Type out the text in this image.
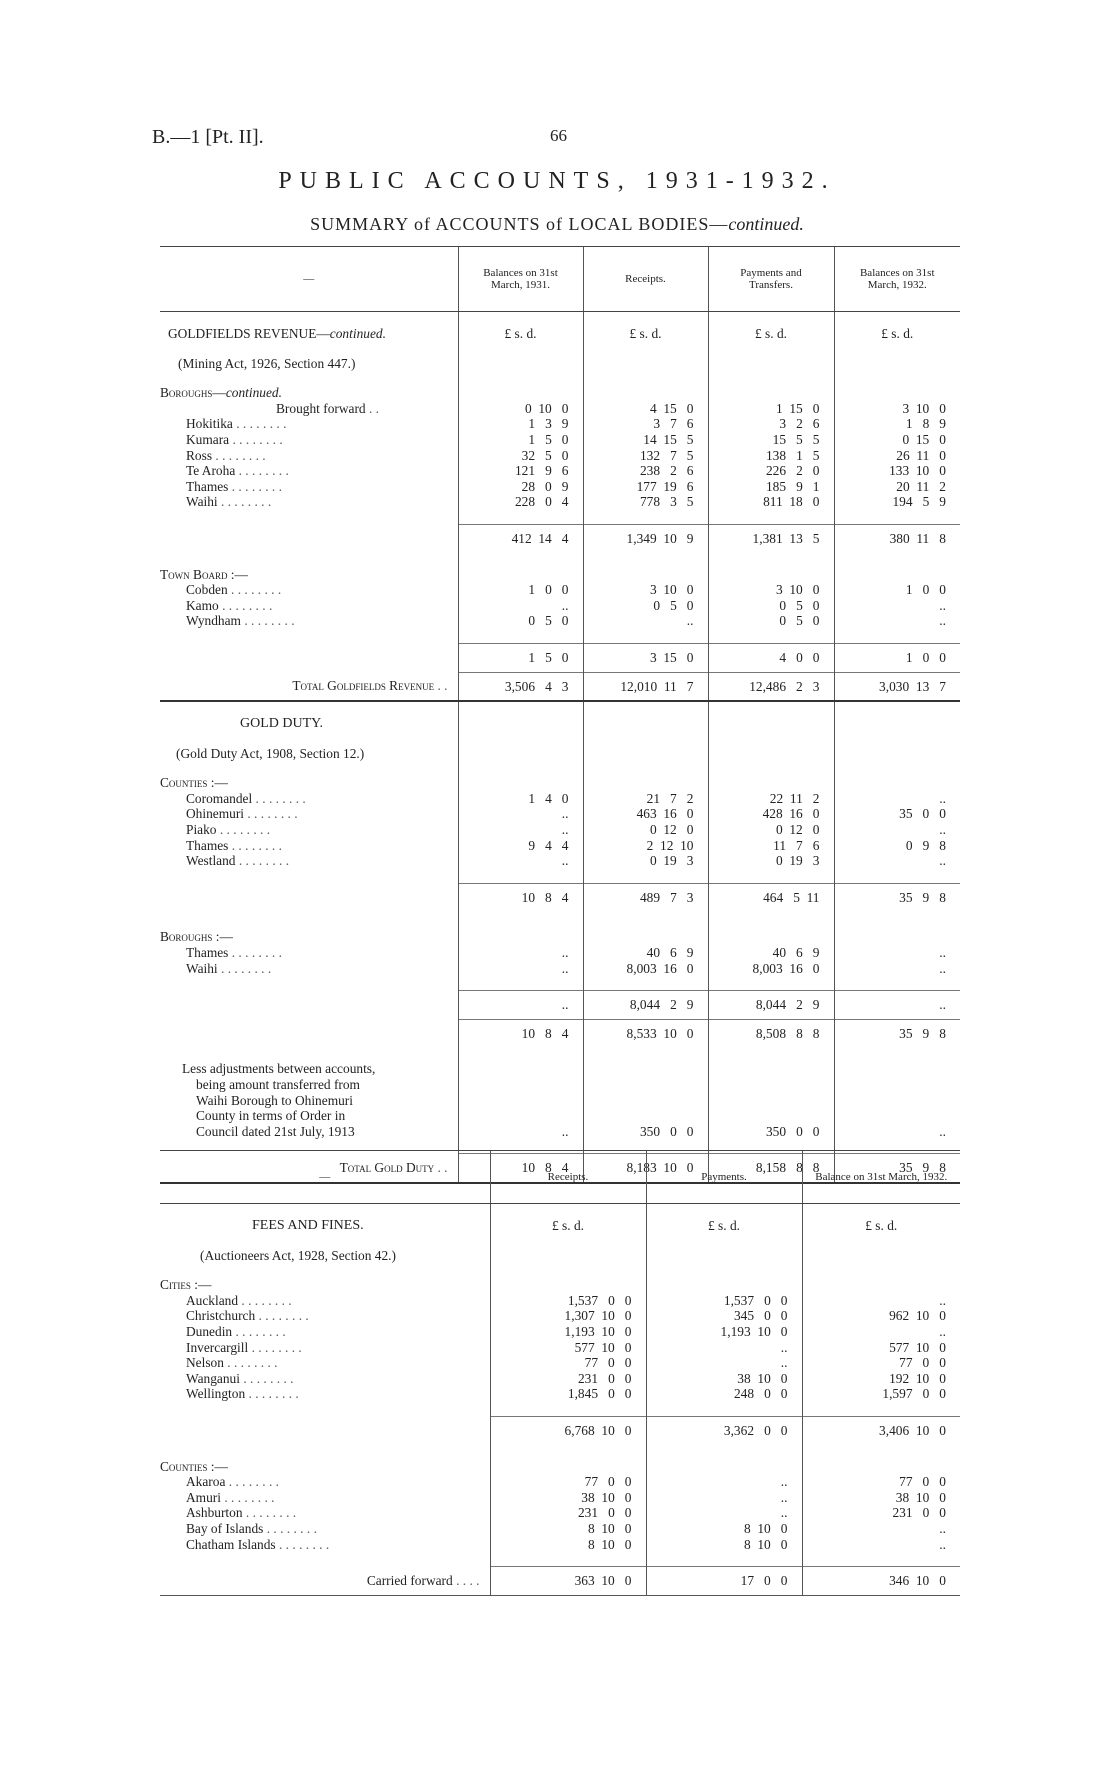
B.—1 [Pt. II].	66
PUBLIC ACCOUNTS, 1931-1932.
SUMMARY of ACCOUNTS of LOCAL BODIES—continued.
—	Balances on 31st March, 1931.	Receipts.	Payments and Transfers.	Balances on 31st March, 1932.

GOLDFIELDS REVENUE—continued.	£ s. d.	£ s. d.	£ s. d.	£ s. d.

(Mining Act, 1926, Section 447.)				

Boroughs—continued.				
Brought forward . .	0  10   0	4  15   0	1  15   0	3  10   0
Hokitika . . . . . . . .	1   3   9	3   7   6	3   2   6	1   8   9
Kumara . . . . . . . .	1   5   0	14  15   5	15   5   5	0  15   0
Ross . . . . . . . .	32   5   0	132   7   5	138   1   5	26  11   0
Te Aroha . . . . . . . .	121   9   6	238   2   6	226   2   0	133  10   0
Thames . . . . . . . .	28   0   9	177  19   6	185   9   1	20  11   2
Waihi . . . . . . . .	228   0   4	778   3   5	811  18   0	194   5   9

	412  14   4	1,349  10   9	1,381  13   5	380  11   8

Town Board :—				
Cobden . . . . . . . .	1   0   0	3  10   0	3  10   0	1   0   0
Kamo . . . . . . . .	..	0   5   0	0   5   0	..
Wyndham . . . . . . . .	0   5   0	..	0   5   0	..

	1   5   0	3  15   0	4   0   0	1   0   0
Total Goldfields Revenue . .	3,506   4   3	12,010  11   7	12,486   2   3	3,030  13   7

GOLD DUTY.				

(Gold Duty Act, 1908, Section 12.)				

Counties :—				
Coromandel . . . . . . . .	1   4   0	21   7   2	22  11   2	..
Ohinemuri . . . . . . . .	..	463  16   0	428  16   0	35   0   0
Piako . . . . . . . .	..	0  12   0	0  12   0	..
Thames . . . . . . . .	9   4   4	2  12  10	11   7   6	0   9   8
Westland . . . . . . . .	..	0  19   3	0  19   3	..

	10   8   4	489   7   3	464   5  11	35   9   8

Boroughs :—				
Thames . . . . . . . .	..	40   6   9	40   6   9	..
Waihi . . . . . . . .	..	8,003  16   0	8,003  16   0	..

	..	8,044   2   9	8,044   2   9	..
	10   8   4	8,533  10   0	8,508   8   8	35   9   8

Less adjustments between accounts,				
being amount transferred from				
Waihi Borough to Ohinemuri				
County in terms of Order in				
Council dated 21st July, 1913	..	350   0   0	350   0   0	..

Total Gold Duty . .	10   8   4	8,183  10   0	8,158   8   8	35   9   8
—	Receipts.	Payments.	Balance on 31st March, 1932.

FEES AND FINES.	£ s. d.	£ s. d.	£ s. d.

(Auctioneers Act, 1928, Section 42.)			

Cities :—			
Auckland . . . . . . . .	1,537   0   0	1,537   0   0	..
Christchurch . . . . . . . .	1,307  10   0	345   0   0	962  10   0
Dunedin . . . . . . . .	1,193  10   0	1,193  10   0	..
Invercargill . . . . . . . .	577  10   0	..	577  10   0
Nelson . . . . . . . .	77   0   0	..	77   0   0
Wanganui . . . . . . . .	231   0   0	38  10   0	192  10   0
Wellington . . . . . . . .	1,845   0   0	248   0   0	1,597   0   0

	6,768  10   0	3,362   0   0	3,406  10   0

Counties :—			
Akaroa . . . . . . . .	77   0   0	..	77   0   0
Amuri . . . . . . . .	38  10   0	..	38  10   0
Ashburton . . . . . . . .	231   0   0	..	231   0   0
Bay of Islands . . . . . . . .	8  10   0	8  10   0	..
Chatham Islands . . . . . . . .	8  10   0	8  10   0	..

Carried forward . . . .	363  10   0	17   0   0	346  10   0
